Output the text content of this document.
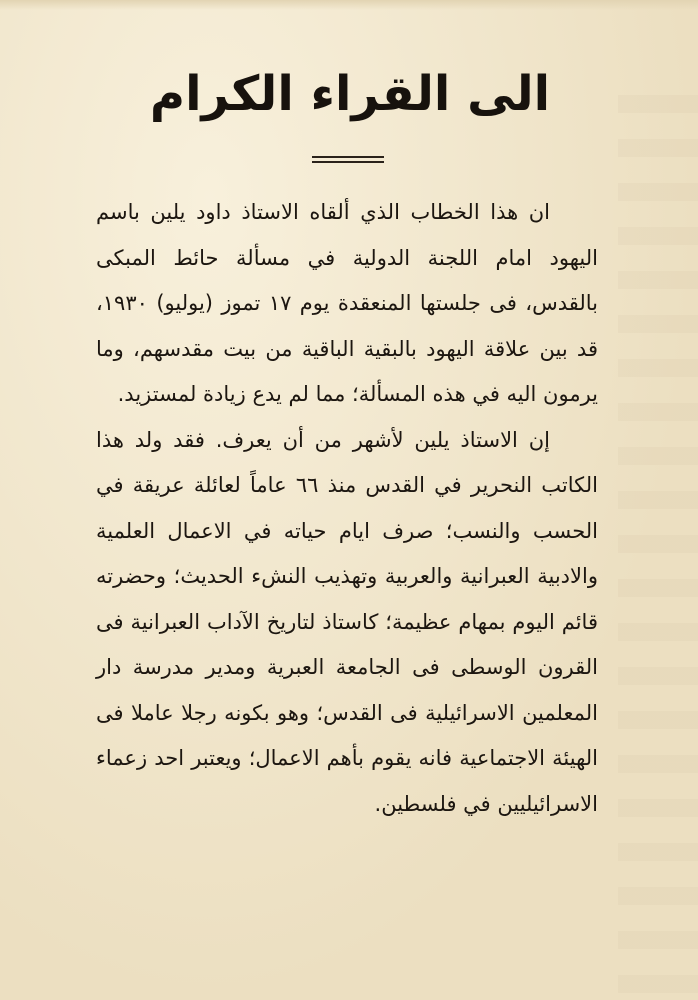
الى القراء الكرام

ان هذا الخطاب الذي ألقاه الاستاذ داود يلين باسم اليهود امام اللجنة الدولية في مسألة حائط المبكى بالقدس، فى جلستها المنعقدة يوم ١٧ تموز (يوليو) ١٩٣٠، قد بين علاقة اليهود بالبقية الباقية من بيت مقدسهم، وما يرمون اليه في هذه المسألة؛ مما لم يدع زيادة لمستزيد.

إن الاستاذ يلين لأشهر من أن يعرف. فقد ولد هذا الكاتب النحرير في القدس منذ ٦٦ عاماً لعائلة عريقة في الحسب والنسب؛ صرف ايام حياته في الاعمال العلمية والادبية العبرانية والعربية وتهذيب النشء الحديث؛ وحضرته قائم اليوم بمهام عظيمة؛ كاستاذ لتاريخ الآداب العبرانية فى القرون الوسطى فى الجامعة العبرية ومدير مدرسة دار المعلمين الاسرائيلية فى القدس؛ وهو بكونه رجلا عاملا فى الهيئة الاجتماعية فانه يقوم بأهم الاعمال؛ ويعتبر احد زعماء الاسرائيليين في فلسطين.
